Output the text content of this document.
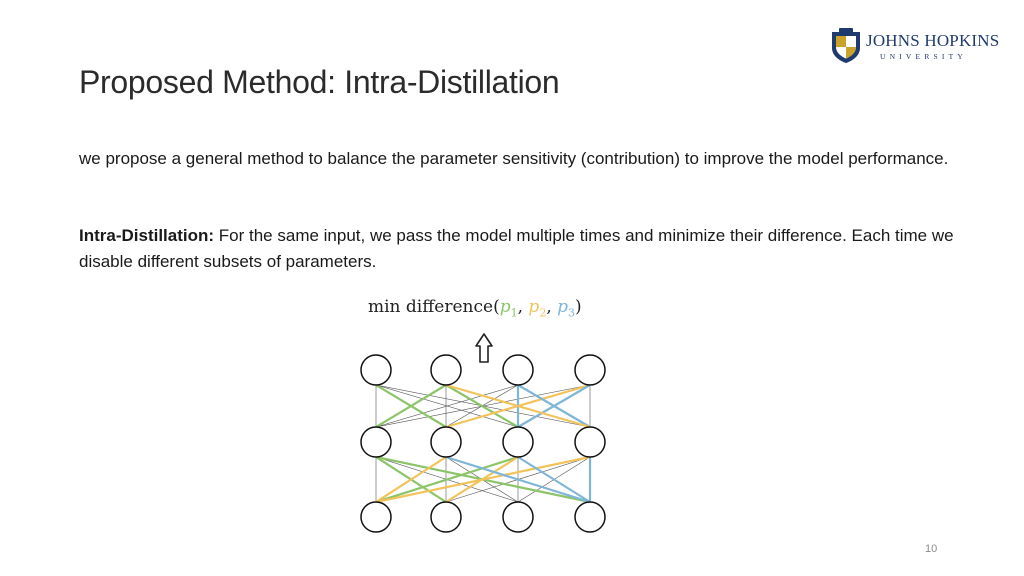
JOHNS HOPKINS
UNIVERSITY
Proposed Method: Intra-Distillation

we propose a general method to balance the parameter sensitivity (contribution) to improve the model performance.

Intra-Distillation: For the same input, we pass the model multiple times and minimize their difference. Each time we disable different subsets of parameters.

$\min difference(p_1$, $p_2$, $p_3$)
10
